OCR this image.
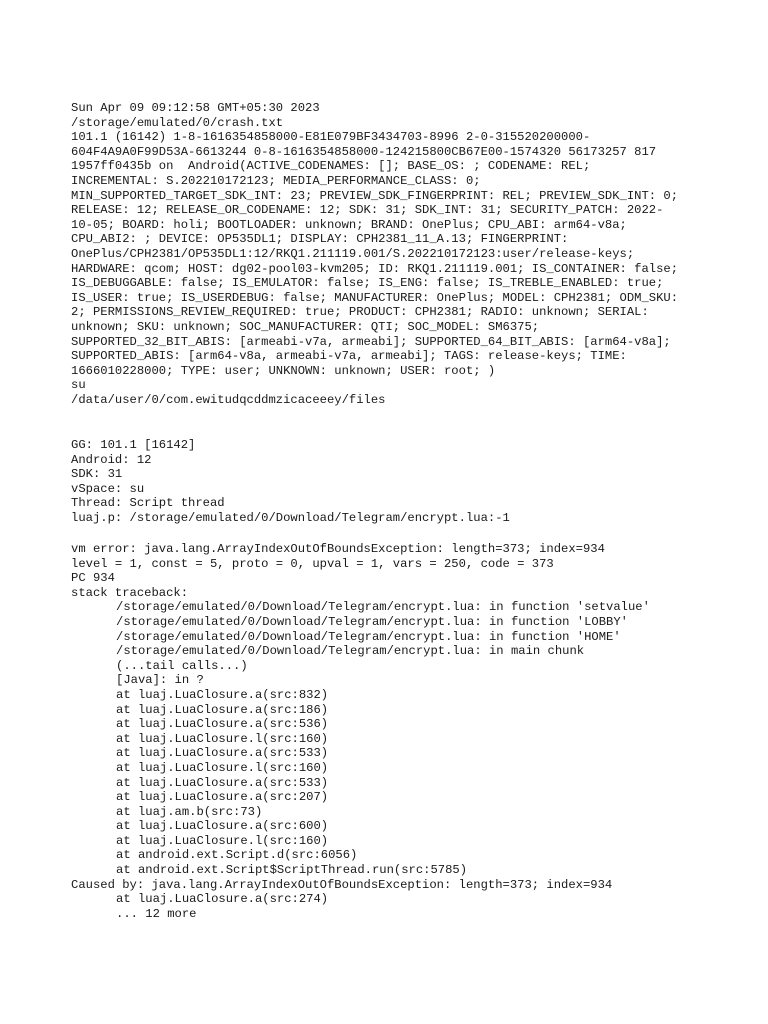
Sun Apr 09 09:12:58 GMT+05:30 2023
/storage/emulated/0/crash.txt
101.1 (16142) 1-8-1616354858000-E81E079BF3434703-8996 2-0-315520200000-
604F4A9A0F99D53A-6613244 0-8-1616354858000-124215800CB67E00-1574320 56173257 817
1957ff0435b on  Android(ACTIVE_CODENAMES: []; BASE_OS: ; CODENAME: REL;
INCREMENTAL: S.202210172123; MEDIA_PERFORMANCE_CLASS: 0;
MIN_SUPPORTED_TARGET_SDK_INT: 23; PREVIEW_SDK_FINGERPRINT: REL; PREVIEW_SDK_INT: 0;
RELEASE: 12; RELEASE_OR_CODENAME: 12; SDK: 31; SDK_INT: 31; SECURITY_PATCH: 2022-
10-05; BOARD: holi; BOOTLOADER: unknown; BRAND: OnePlus; CPU_ABI: arm64-v8a;
CPU_ABI2: ; DEVICE: OP535DL1; DISPLAY: CPH2381_11_A.13; FINGERPRINT:
OnePlus/CPH2381/OP535DL1:12/RKQ1.211119.001/S.202210172123:user/release-keys;
HARDWARE: qcom; HOST: dg02-pool03-kvm205; ID: RKQ1.211119.001; IS_CONTAINER: false;
IS_DEBUGGABLE: false; IS_EMULATOR: false; IS_ENG: false; IS_TREBLE_ENABLED: true;
IS_USER: true; IS_USERDEBUG: false; MANUFACTURER: OnePlus; MODEL: CPH2381; ODM_SKU:
2; PERMISSIONS_REVIEW_REQUIRED: true; PRODUCT: CPH2381; RADIO: unknown; SERIAL:
unknown; SKU: unknown; SOC_MANUFACTURER: QTI; SOC_MODEL: SM6375;
SUPPORTED_32_BIT_ABIS: [armeabi-v7a, armeabi]; SUPPORTED_64_BIT_ABIS: [arm64-v8a];
SUPPORTED_ABIS: [arm64-v8a, armeabi-v7a, armeabi]; TAGS: release-keys; TIME:
1666010228000; TYPE: user; UNKNOWN: unknown; USER: root; )
su
/data/user/0/com.ewitudqcddmzicaceeey/files
GG: 101.1 [16142]
Android: 12
SDK: 31
vSpace: su
Thread: Script thread
luaj.p: /storage/emulated/0/Download/Telegram/encrypt.lua:-1
vm error: java.lang.ArrayIndexOutOfBoundsException: length=373; index=934
level = 1, const = 5, proto = 0, upval = 1, vars = 250, code = 373
PC 934
stack traceback:
/storage/emulated/0/Download/Telegram/encrypt.lua: in function 'setvalue'
/storage/emulated/0/Download/Telegram/encrypt.lua: in function 'LOBBY'
/storage/emulated/0/Download/Telegram/encrypt.lua: in function 'HOME'
/storage/emulated/0/Download/Telegram/encrypt.lua: in main chunk
(...tail calls...)
[Java]: in ?
at luaj.LuaClosure.a(src:832)
at luaj.LuaClosure.a(src:186)
at luaj.LuaClosure.a(src:536)
at luaj.LuaClosure.l(src:160)
at luaj.LuaClosure.a(src:533)
at luaj.LuaClosure.l(src:160)
at luaj.LuaClosure.a(src:533)
at luaj.LuaClosure.a(src:207)
at luaj.am.b(src:73)
at luaj.LuaClosure.a(src:600)
at luaj.LuaClosure.l(src:160)
at android.ext.Script.d(src:6056)
at android.ext.Script$ScriptThread.run(src:5785)
Caused by: java.lang.ArrayIndexOutOfBoundsException: length=373; index=934
at luaj.LuaClosure.a(src:274)
... 12 more
